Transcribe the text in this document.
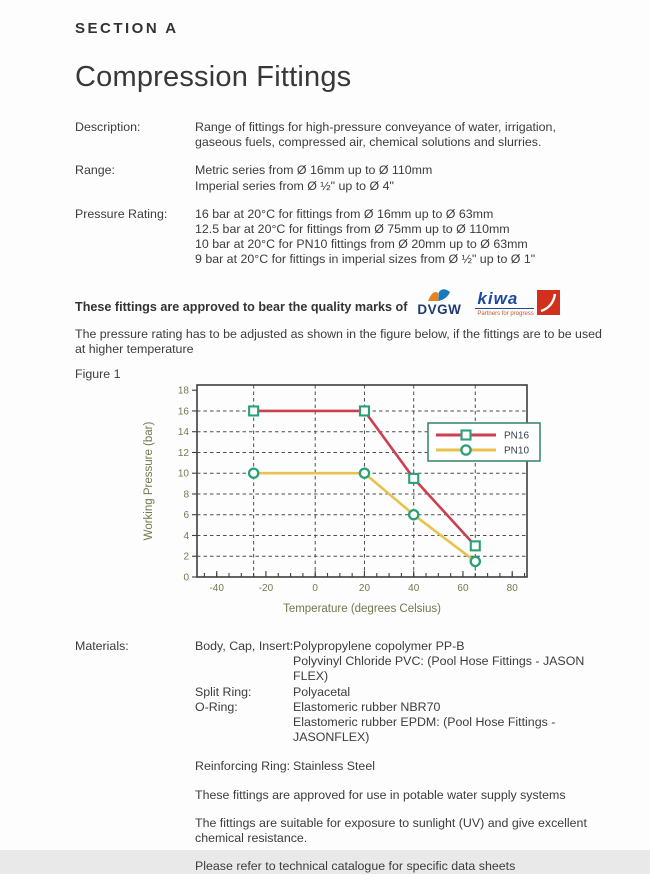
SECTION A
Compression Fittings
Description:	Range of fittings for high-pressure conveyance of water, irrigation,
gaseous fuels, compressed air, chemical solutions and slurries.
Range:	Metric series from Ø 16mm up to Ø 110mm
Imperial series from Ø ½" up to Ø 4"
Pressure Rating:	16 bar at 20°C for fittings from Ø 16mm up to Ø 63mm
12.5 bar at 20°C for fittings from Ø 75mm up to Ø 110mm
10 bar at 20°C for PN10 fittings from Ø 20mm up to Ø 63mm
9 bar at 20°C for fittings in imperial sizes from Ø ½" up to Ø 1"
These fittings are approved to bear the quality marks of DVGW
kiwa
Partners for progress
The pressure rating has to be adjusted as shown in the figure below, if the fittings are to be used at higher temperature
Figure 1
0
2
4
6
8
10
12
14
16
18
-40	-20	0	20	40	60	80
PN16
PN10
Temperature (degrees Celsius)
Working Pressure (bar)
Materials:	Body, Cap, Insert: Polypropylene copolymer PP-B
Polyvinyl Chloride PVC: (Pool Hose Fittings - JASON FLEX)
Split Ring:	Polyacetal
O-Ring:	Elastomeric rubber NBR70
Elastomeric rubber EPDM: (Pool Hose Fittings - JASONFLEX)
Reinforcing Ring: Stainless Steel
These fittings are approved for use in potable water supply systems
The fittings are suitable for exposure to sunlight (UV) and give excellent chemical resistance.
Please refer to technical catalogue for specific data sheets
